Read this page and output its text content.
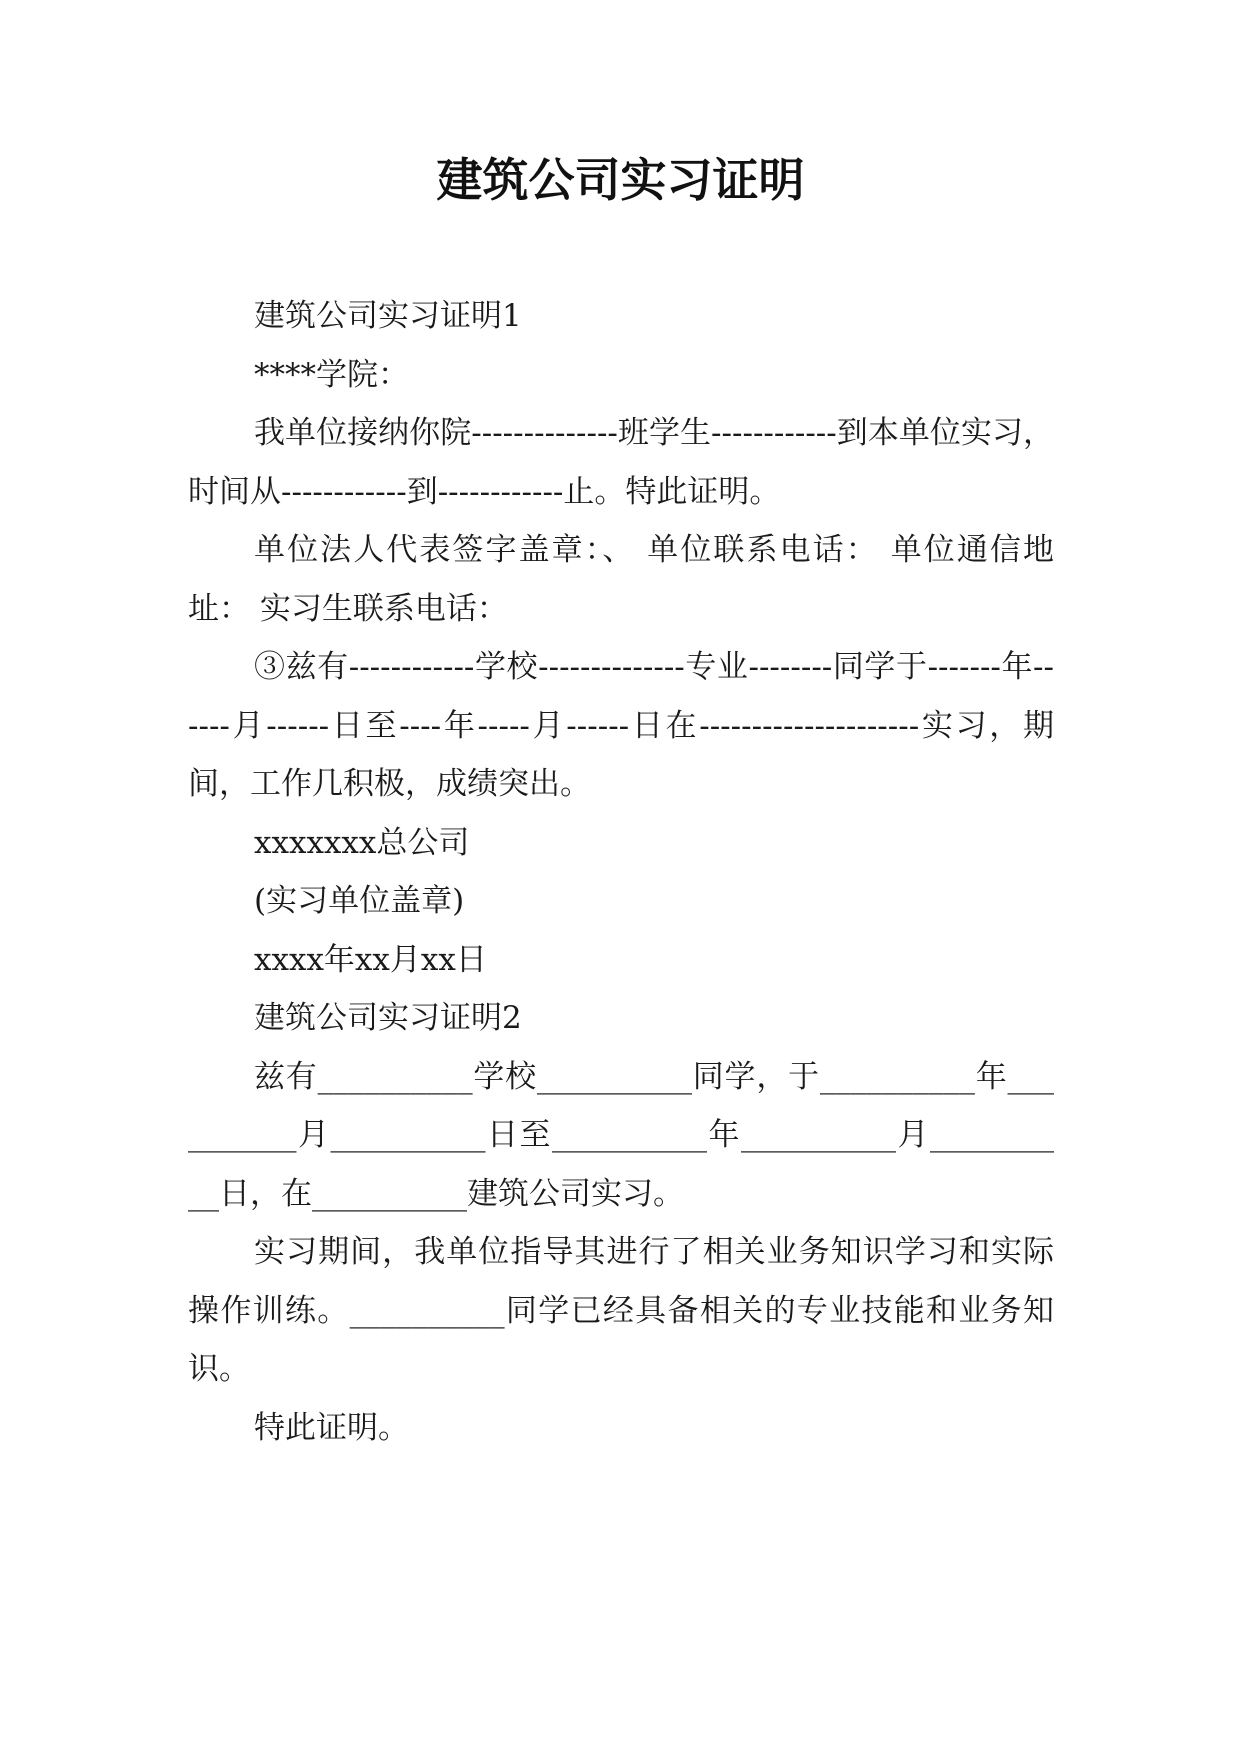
建筑公司实习证明

建筑公司实习证明1

****学院：

我单位接纳你院--------------班学生------------到本单位实习，时间从------------到------------止。特此证明。

单位法人代表签字盖章：、 单位联系电话： 单位通信地址： 实习生联系电话：

③兹有------------学校--------------专业--------同学于-------年------月------日至----年-----月------日在---------------------实习，期间，工作几积极，成绩突出。

xxxxxxx总公司

(实习单位盖章)

xxxx年xx月xx日

建筑公司实习证明2

兹有__________学校__________同学，于__________年__________月__________日至__________年__________月__________日，在__________建筑公司实习。

实习期间，我单位指导其进行了相关业务知识学习和实际操作训练。__________同学已经具备相关的专业技能和业务知识。

特此证明。
